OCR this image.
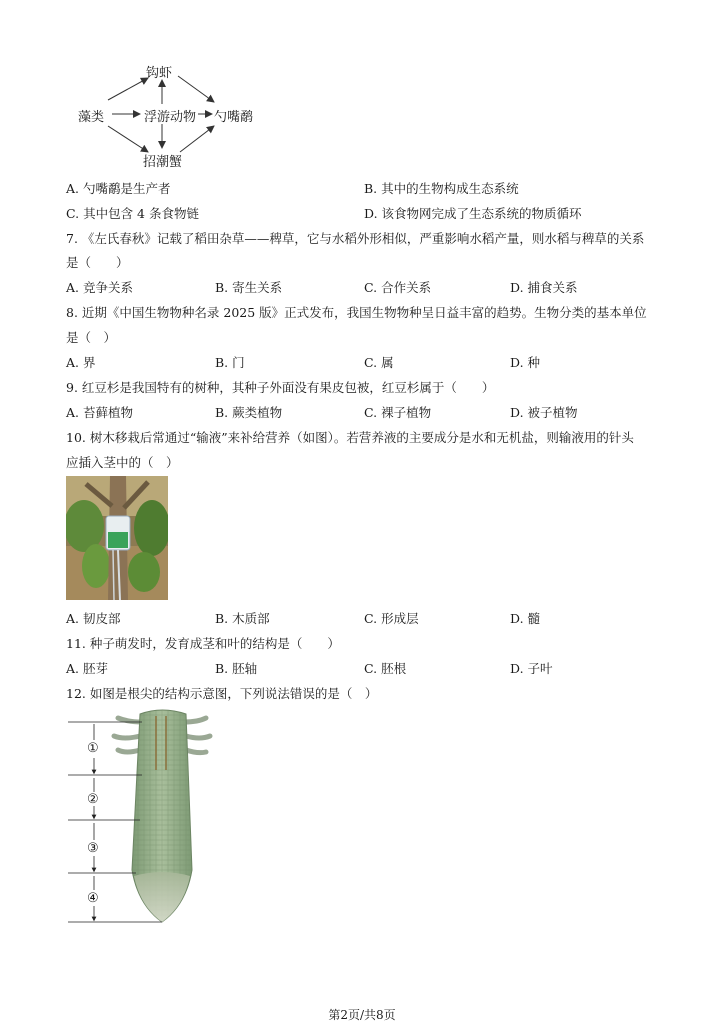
钩虾
藻类	浮游动物 勺嘴鹬
招潮蟹
A. 勺嘴鹬是生产者	B. 其中的生物构成生态系统
C. 其中包含 4 条食物链	D. 该食物网完成了生态系统的物质循环
7. 《左氏春秋》记载了稻田杂草——稗草，它与水稻外形相似，严重影响水稻产量，则水稻与稗草的关系
是（　　）
A. 竞争关系	B. 寄生关系	C. 合作关系	D. 捕食关系
8. 近期《中国生物物种名录 2025 版》正式发布，我国生物物种呈日益丰富的趋势。生物分类的基本单位
是（　）
A. 界	B. 门	C. 属	D. 种
9. 红豆杉是我国特有的树种，其种子外面没有果皮包被，红豆杉属于（　　）
A. 苔藓植物	B. 蕨类植物	C. 裸子植物	D. 被子植物
10. 树木移栽后常通过“输液”来补给营养（如图）。若营养液的主要成分是水和无机盐，则输液用的针头
应插入茎中的（　）
A. 韧皮部	B. 木质部	C. 形成层	D. 髓
11. 种子萌发时，发育成茎和叶的结构是（　　）
A. 胚芽	B. 胚轴	C. 胚根	D. 子叶
12. 如图是根尖的结构示意图，下列说法错误的是（　）
①
②
③
④
第2页/共8页
